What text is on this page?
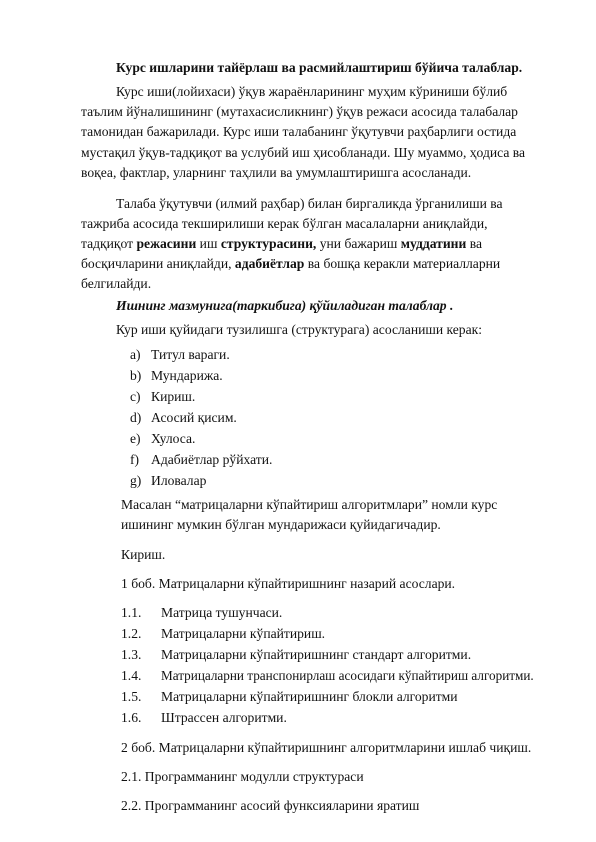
Курс ишларини тайёрлаш ва расмийлаштириш бўйича талаблар.
Курс иши(лойихаси) ўқув жараёнларининг муҳим кўриниши бўлиб
таълим йўналишининг (мутахасисликнинг) ўқув режаси асосида талабалар
тамонидан бажарилади. Курс иши талабанинг ўқутувчи раҳбарлиги остида
мустақил ўқув-тадқиқот ва услубий иш ҳисобланади. Шу муаммо, ҳодиса ва
воқеа, фактлар, уларнинг таҳлили ва умумлаштиришга асосланади.
Талаба ўқутувчи (илмий раҳбар) билан биргаликда ўрганилиши ва
тажриба асосида текширилиши керак бўлган масалаларни аниқлайди,
тадқиқот режасини иш структурасини, уни бажариш муддатини ва
босқичларини аниқлайди, адабиётлар ва бошқа керакли материалларни
белгилайди.
Ишнинг мазмунига(таркибига) қўйиладиган талаблар .
Кур иши қуйидаги тузилишга (структурага) асосланиши керак:
a) Титул вараги.
b) Мундарижа.
c) Кириш.
d) Асосий қисим.
e) Хулоса.
f) Адабиётлар рўйхати.
g) Иловалар
Масалан “матрицаларни кўпайтириш алгоритмлари” номли курс
ишининг мумкин бўлган мундарижаси қуйидагичадир.
Кириш.
1 боб. Матрицаларни кўпайтиришнинг назарий асослари.
1.1. Матрица тушунчаси.
1.2. Матрицаларни кўпайтириш.
1.3. Матрицаларни кўпайтиришнинг стандарт алгоритми.
1.4. Матрицаларни транспонирлаш асосидаги кўпайтириш алгоритми.
1.5. Матрицаларни кўпайтиришнинг блокли алгоритми
1.6. Штрассен алгоритми.
2 боб. Матрицаларни кўпайтиришнинг алгоритмларини ишлаб чиқиш.
2.1. Программанинг модулли структураси
2.2. Программанинг асосий функсияларини яратиш
